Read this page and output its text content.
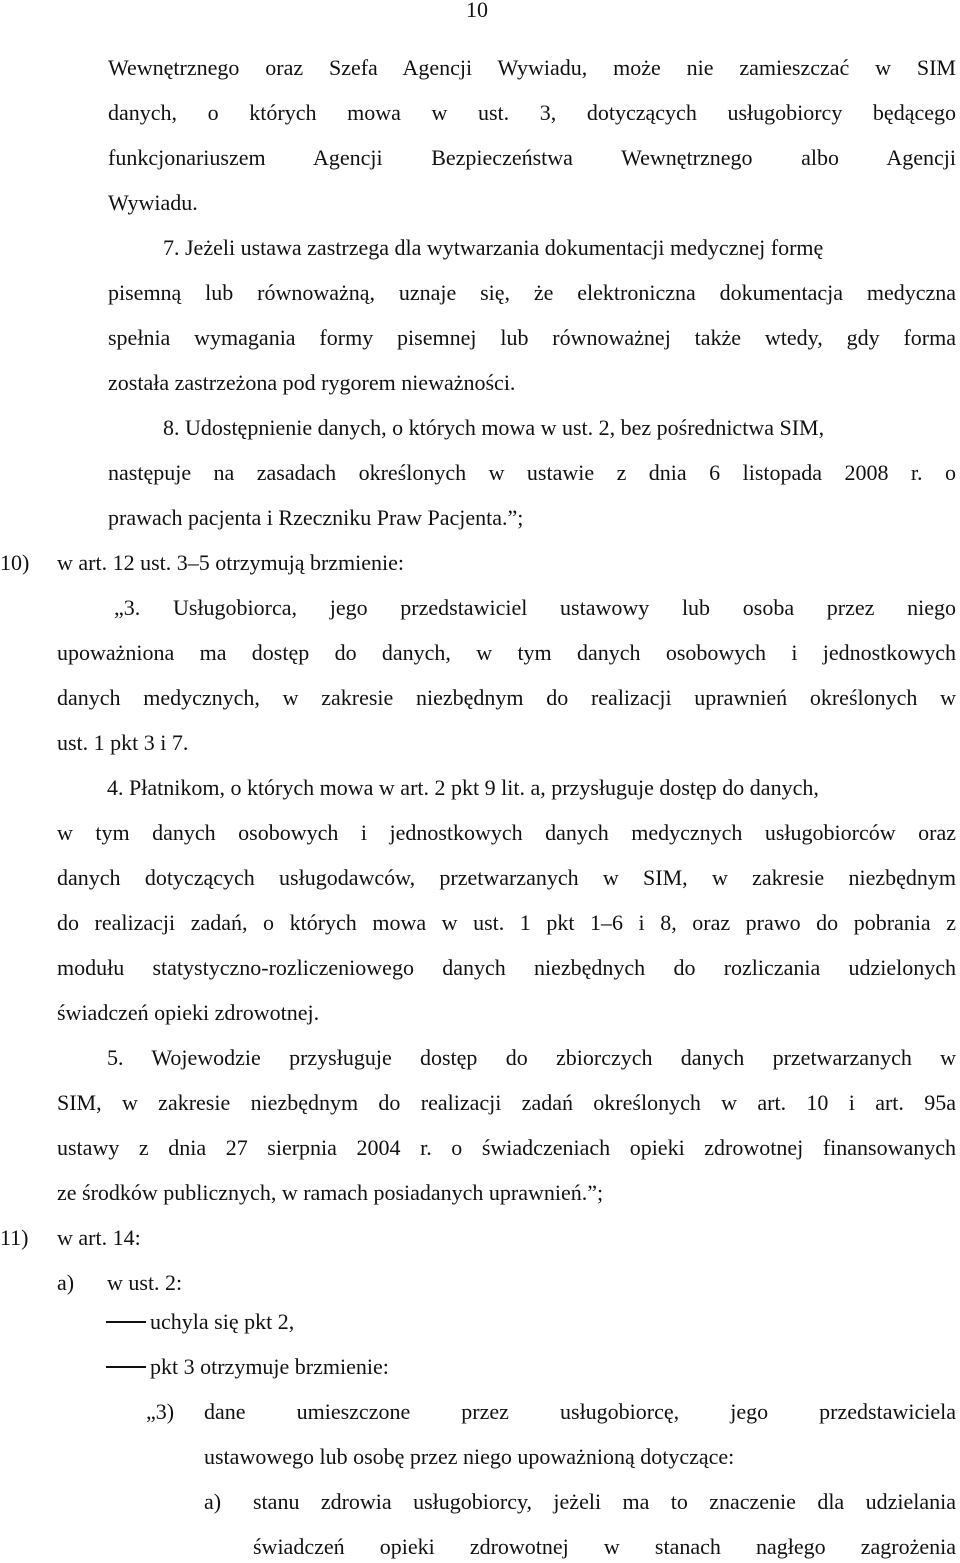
10
Wewnętrznego oraz Szefa Agencji Wywiadu, może nie zamieszczać w SIM
danych, o których mowa w ust. 3, dotyczących usługobiorcy będącego
funkcjonariuszem Agencji Bezpieczeństwa Wewnętrznego albo Agencji
Wywiadu.
7. Jeżeli ustawa zastrzega dla wytwarzania dokumentacji medycznej formę
pisemną lub równoważną, uznaje się, że elektroniczna dokumentacja medyczna
spełnia wymagania formy pisemnej lub równoważnej także wtedy, gdy forma
została zastrzeżona pod rygorem nieważności.
8. Udostępnienie danych, o których mowa w ust. 2, bez pośrednictwa SIM,
następuje na zasadach określonych w ustawie z dnia 6 listopada 2008 r. o
prawach pacjenta i Rzeczniku Praw Pacjenta.”;
10) w art. 12 ust. 3–5 otrzymują brzmienie:
„3. Usługobiorca, jego przedstawiciel ustawowy lub osoba przez niego
upoważniona ma dostęp do danych, w tym danych osobowych i jednostkowych
danych medycznych, w zakresie niezbędnym do realizacji uprawnień określonych w
ust. 1 pkt 3 i 7.
4. Płatnikom, o których mowa w art. 2 pkt 9 lit. a, przysługuje dostęp do danych,
w tym danych osobowych i jednostkowych danych medycznych usługobiorców oraz
danych dotyczących usługodawców, przetwarzanych w SIM, w zakresie niezbędnym
do realizacji zadań, o których mowa w ust. 1 pkt 1–6 i 8, oraz prawo do pobrania z
modułu statystyczno-rozliczeniowego danych niezbędnych do rozliczania udzielonych
świadczeń opieki zdrowotnej.
5. Wojewodzie przysługuje dostęp do zbiorczych danych przetwarzanych w
SIM, w zakresie niezbędnym do realizacji zadań określonych w art. 10 i art. 95a
ustawy z dnia 27 sierpnia 2004 r. o świadczeniach opieki zdrowotnej finansowanych
ze środków publicznych, w ramach posiadanych uprawnień.”;
11) w art. 14:
a) w ust. 2:
uchyla się pkt 2,
pkt 3 otrzymuje brzmienie:
„3) dane umieszczone przez usługobiorcę, jego przedstawiciela
ustawowego lub osobę przez niego upoważnioną dotyczące:
a) stanu zdrowia usługobiorcy, jeżeli ma to znaczenie dla udzielania
świadczeń opieki zdrowotnej w stanach nagłego zagrożenia
